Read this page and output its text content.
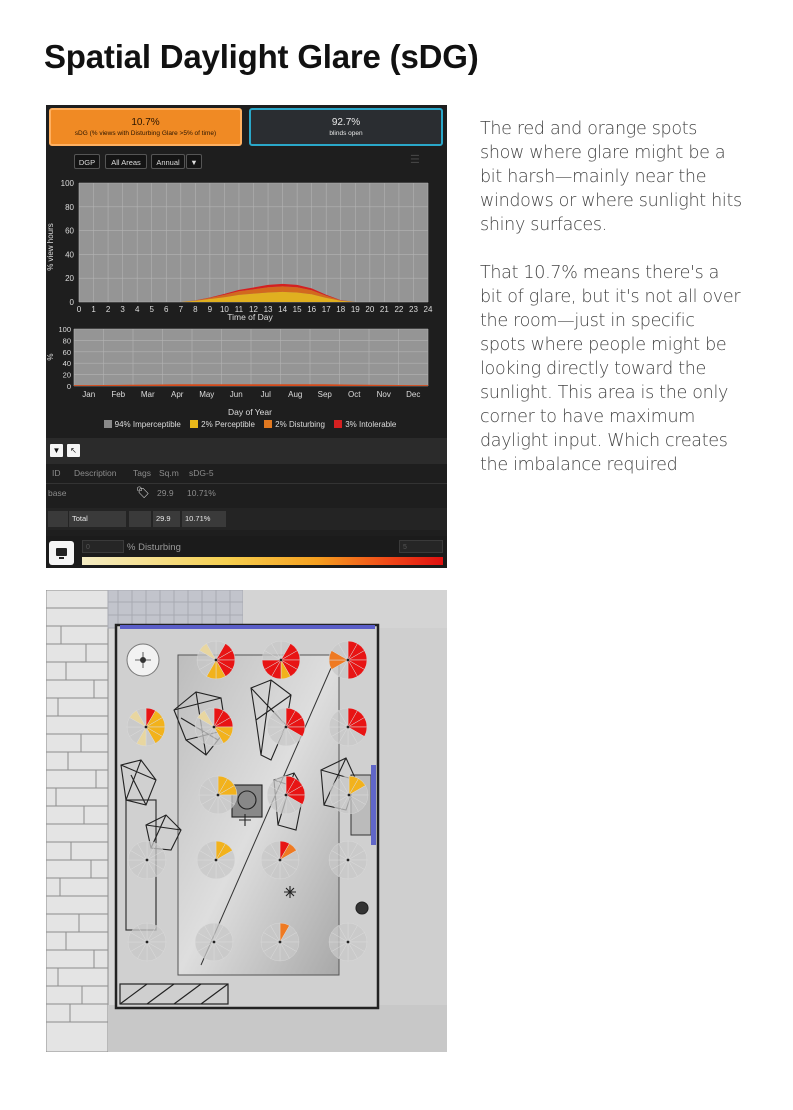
Spatial Daylight Glare (sDG)
10.7%
sDG (% views with Disturbing Glare >5% of time)
92.7%
blinds open
DGP	All Areas	Annual	▼	☰
0
20
40
60
80
100
0 1 2 3 4 5 6 7 8 9 10 11 12 13 14 15 16 17 18 19 20 21 22 23 24
Time of Day
% view hours
0
20
40
60
80
100
Jan Feb Mar Apr May Jun Jul Aug Sep Oct Nov Dec
Day of Year
%
94% Imperceptible	2% Perceptible	2% Disturbing	3% Intolerable
▼	↖
ID Description Tags Sq.m sDG-5
base	🏷 29.9 10.71%
Total	29.9	10.71%
0	% Disturbing	5

The red and orange spots show where glare might be a bit harsh—mainly near the windows or where sunlight hits shiny surfaces.

That 10.7% means there's a bit of glare, but it's not all over the room—just in specific spots where people might be looking directly toward the sunlight. This area is the only corner to have maximum daylight input. Which creates the imbalance required
